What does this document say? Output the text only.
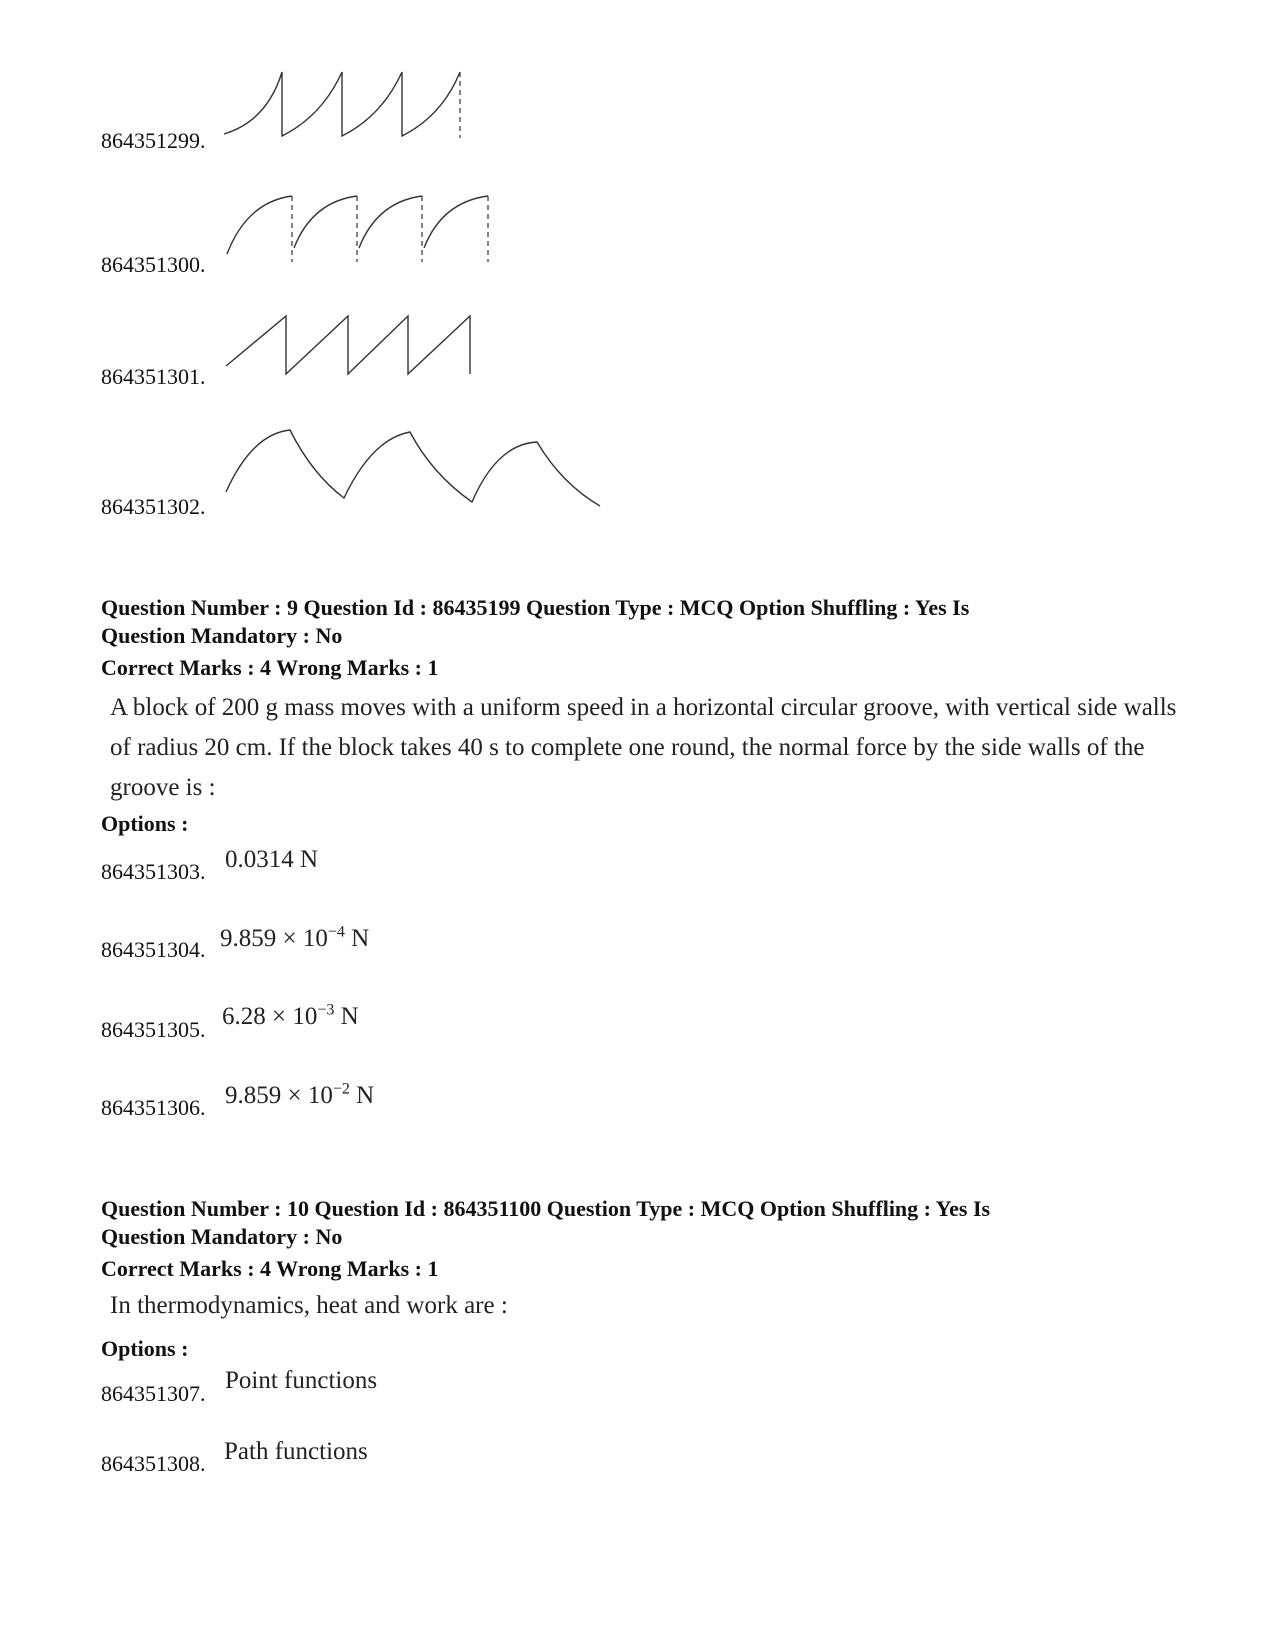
864351299.
864351300.
864351301.
864351302.
Question Number : 9 Question Id : 86435199 Question Type : MCQ Option Shuffling : Yes Is
Question Mandatory : No
Correct Marks : 4 Wrong Marks : 1
A block of 200 g mass moves with a uniform speed in a horizontal circular groove, with vertical side walls of radius 20 cm. If the block takes 40 s to complete one round, the normal force by the side walls of the groove is :
Options :
864351303. 0.0314 N
864351304. $9.859 \times 10^{-4}$ N
864351305. $6.28 \times 10^{-3}$ N
864351306. $9.859 \times 10^{-2}$ N
Question Number : 10 Question Id : 864351100 Question Type : MCQ Option Shuffling : Yes Is
Question Mandatory : No
Correct Marks : 4 Wrong Marks : 1
In thermodynamics, heat and work are :
Options :
864351307. Point functions
864351308. Path functions
